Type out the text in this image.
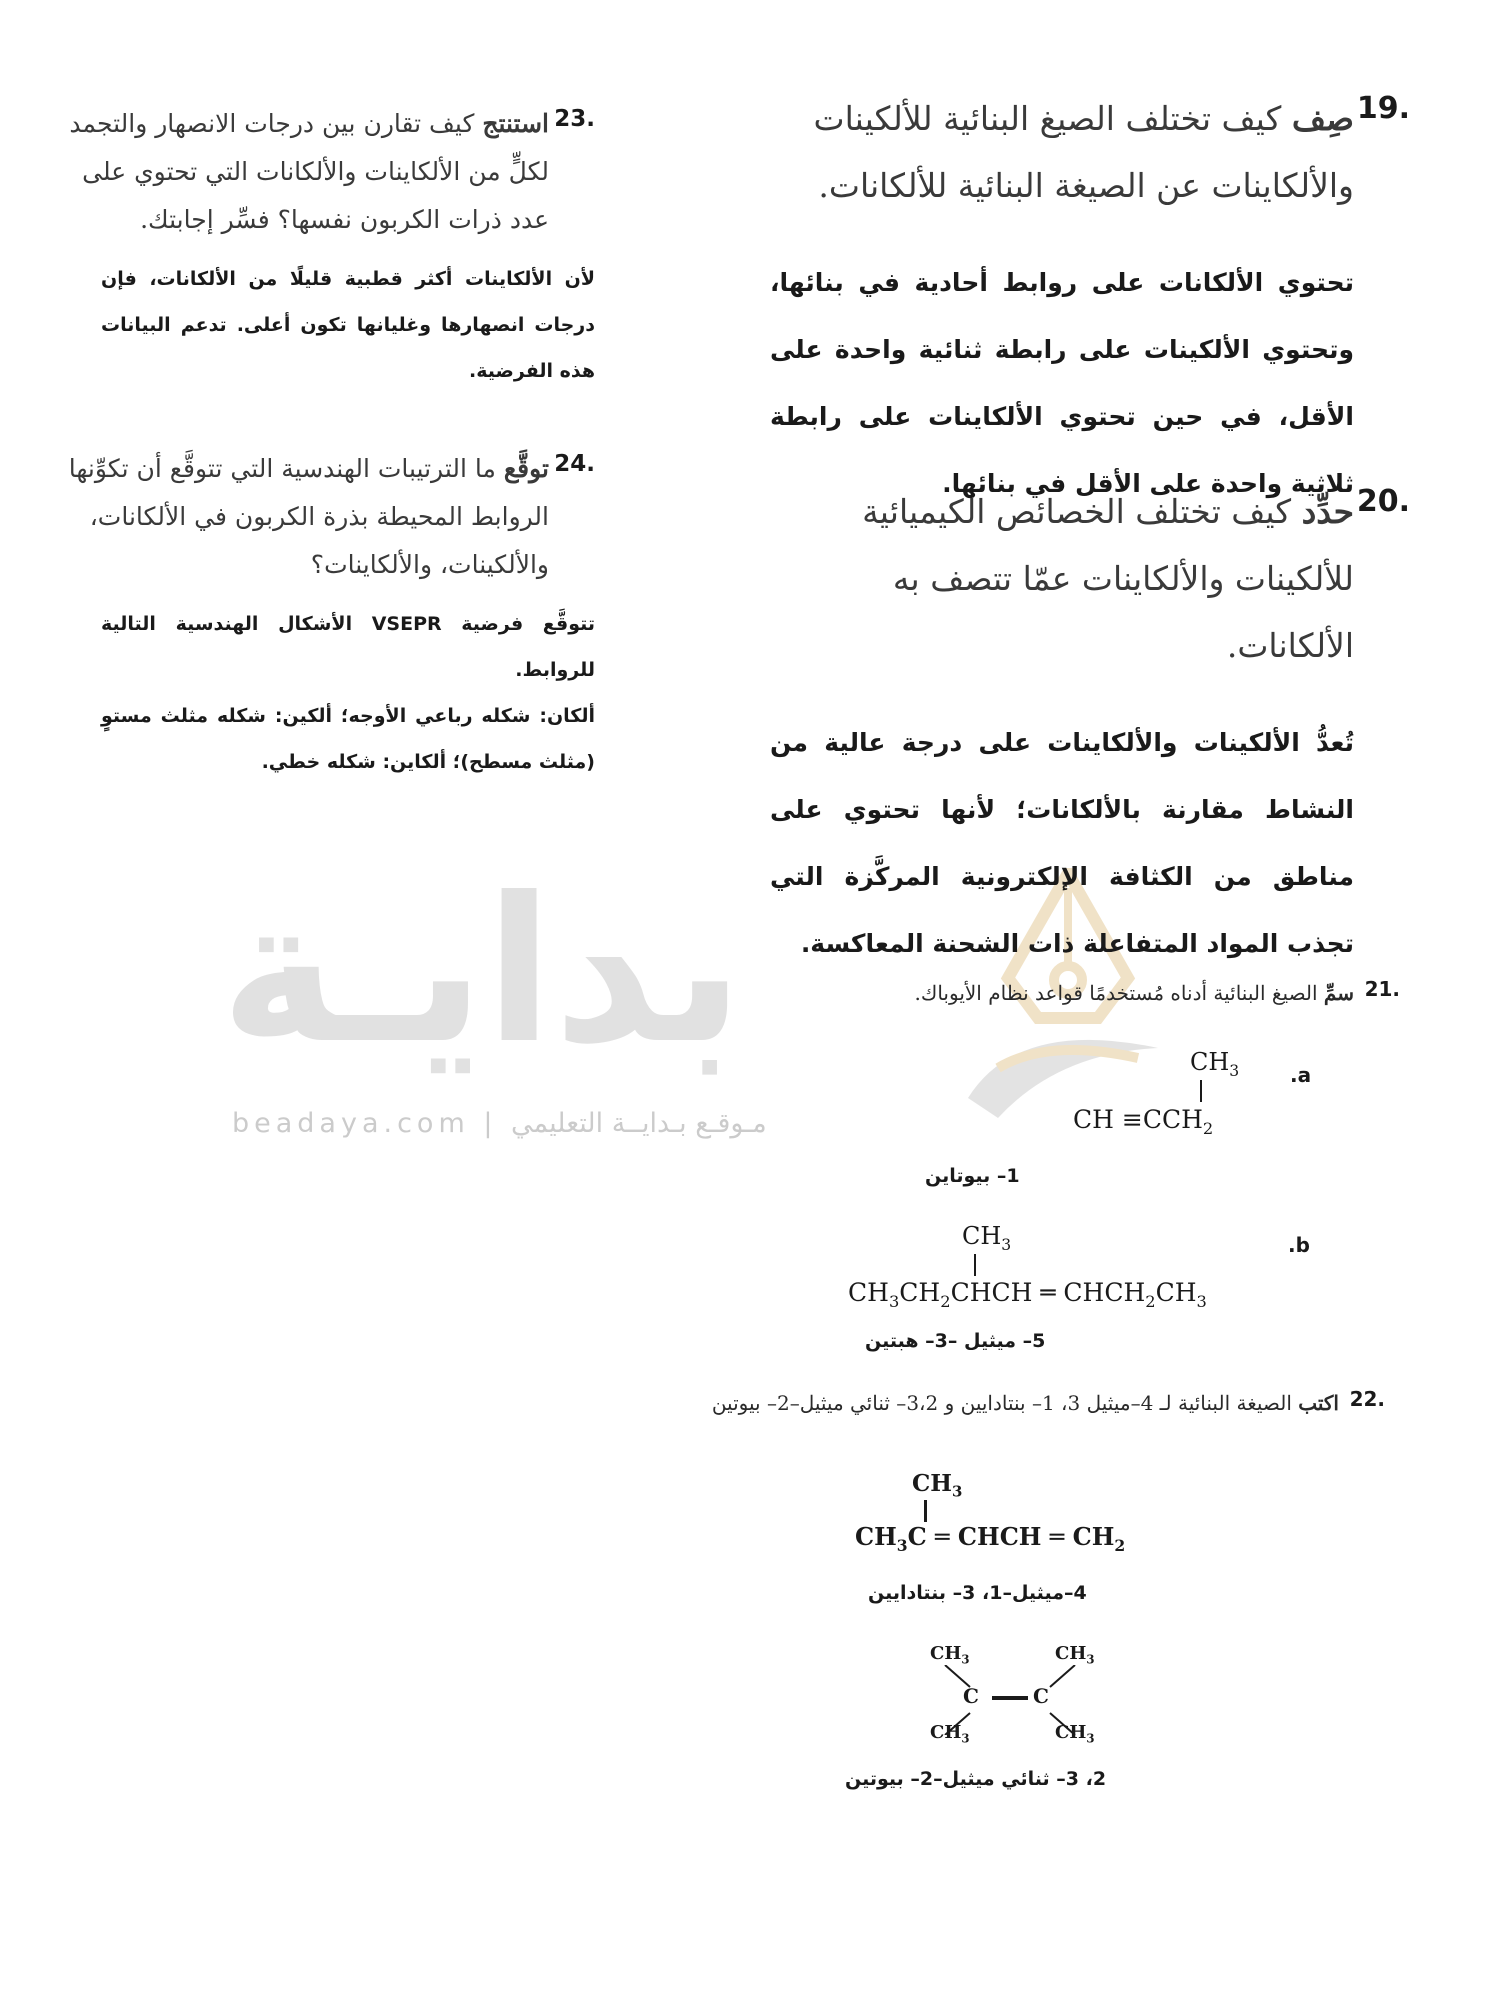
بدايـة
beadaya.com | مـوقـع بـدايــة التعليمي
19.
صِف كيف تختلف الصيغ البنائية للألكينات والألكاينات عن الصيغة البنائية للألكانات.
تحتوي الألكانات على روابط أحادية في بنائها، وتحتوي الألكينات على رابطة ثنائية واحدة على الأقل، في حين تحتوي الألكاينات على رابطة ثلاثية واحدة على الأقل في بنائها.
20.
حدِّد كيف تختلف الخصائص الكيميائية للألكينات والألكاينات عمّا تتصف به الألكانات.
تُعدُّ الألكينات والألكاينات على درجة عالية من النشاط مقارنة بالألكانات؛ لأنها تحتوي على مناطق من الكثافة الإلكترونية المركَّزة التي تجذب المواد المتفاعلة ذات الشحنة المعاكسة.
23.
استنتج كيف تقارن بين درجات الانصهار والتجمد لكلٍّ من الألكاينات والألكانات التي تحتوي على عدد ذرات الكربون نفسها؟ فسِّر إجابتك.
لأن الألكاينات أكثر قطبية قليلًا من الألكانات، فإن درجات انصهارها وغليانها تكون أعلى. تدعم البيانات هذه الفرضية.
24.
توقَّع ما الترتيبات الهندسية التي تتوقَّع أن تكوِّنها الروابط المحيطة بذرة الكربون في الألكانات، والألكينات، والألكاينات؟
تتوقَّع فرضية VSEPR الأشكال الهندسية التالية للروابط.
ألكان: شكله رباعي الأوجه؛ ألكين: شكله مثلث مستوٍ (مثلث مسطح)؛ ألكاين: شكله خطي.
21.
سمِّ الصيغ البنائية أدناه مُستخدمًا قواعد نظام الأيوباك.
.a
$CH_3$
CH $\equiv CCH_2$
1– بيوتاين
.b
$CH_3$
$CH_3CH_2CHCH$ ═ $CHCH_2CH_3$
5– ميثيل –3– هبتين
22.
اكتب الصيغة البنائية لـ 4–ميثيل 3، 1– بنتادايين و 3،2– ثنائي ميثيل–2– بيوتين
$CH_3$
$CH_3C$ ═ CHCH ═ $CH_2$
4–ميثيل–1، 3– بنتادايين
$CH_3$	$CH_3$
C	C
$CH_3$	$CH_3$
2، 3– ثنائي ميثيل–2– بيوتين
